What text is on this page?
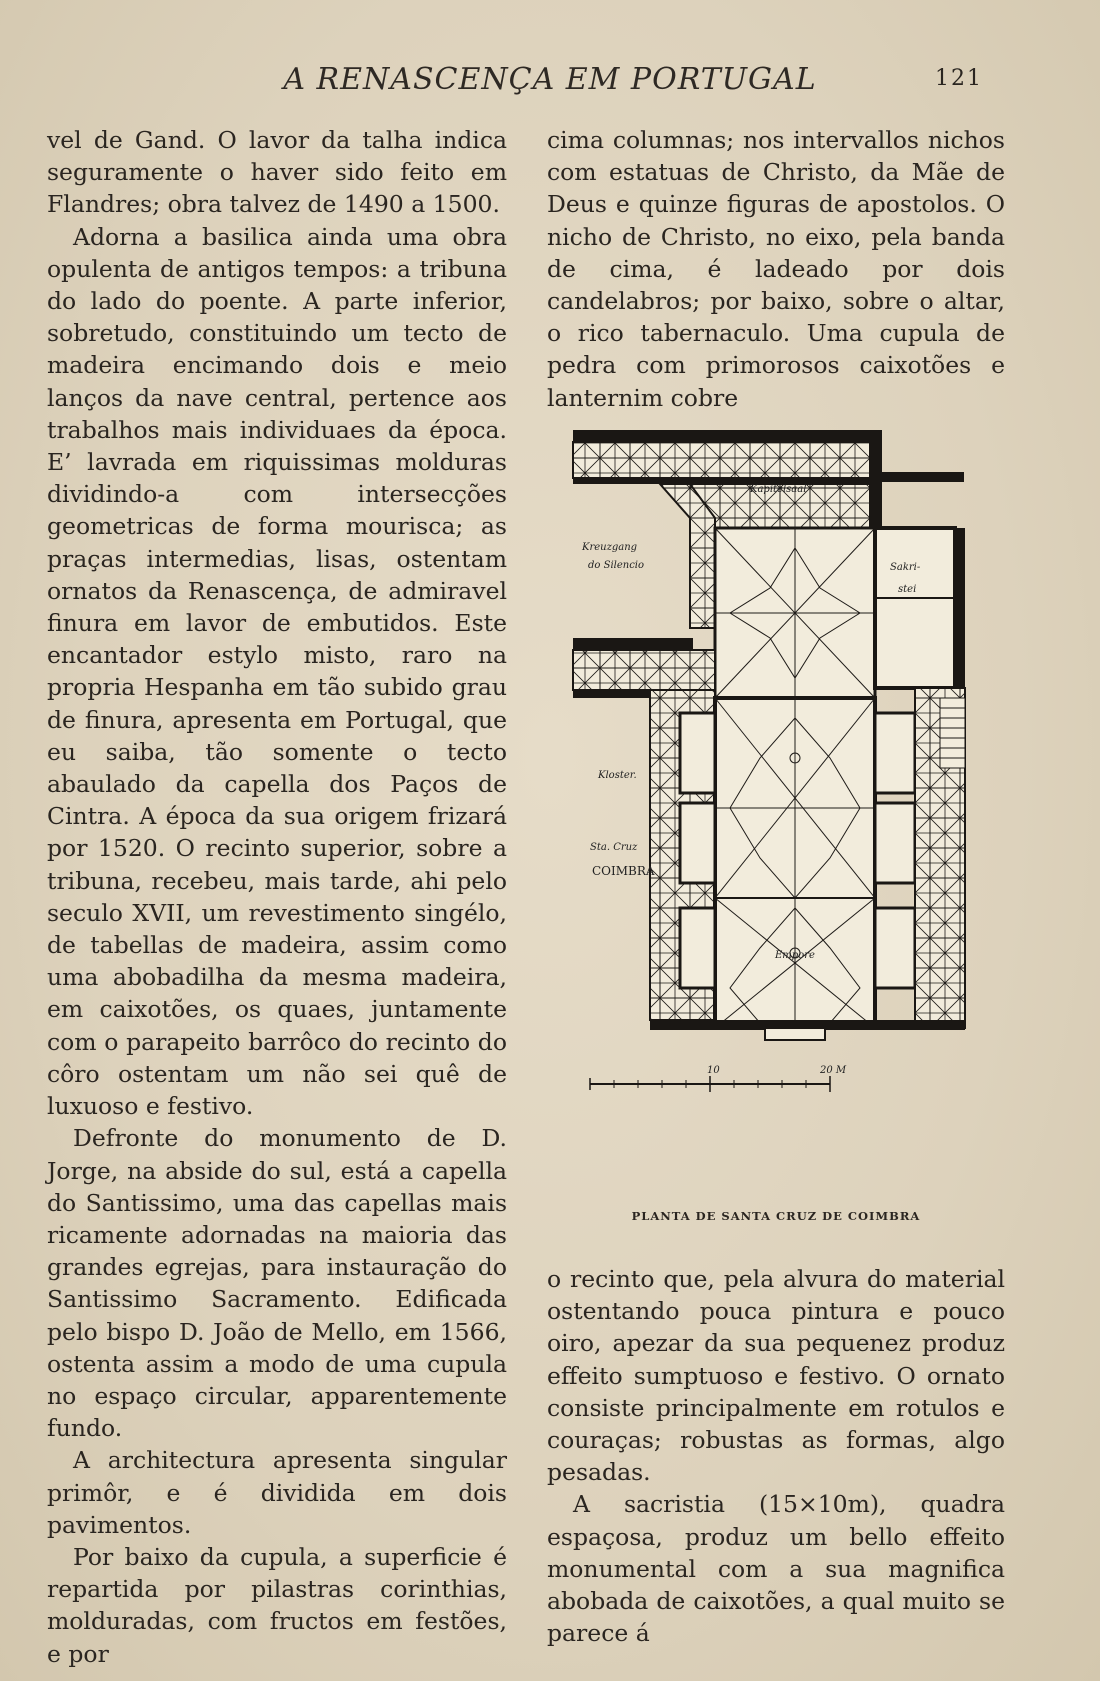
A RENASCENÇA EM PORTUGAL	121

vel de Gand. O lavor da talha indica seguramente o haver sido feito em Flandres; obra talvez de 1490 a 1500.

Adorna a basilica ainda uma obra opulenta de antigos tempos: a tribuna do lado do poente. A parte inferior, sobretudo, constituindo um tecto de madeira encimando dois e meio lanços da nave central, pertence aos trabalhos mais individuaes da época. E’ lavrada em riquissimas molduras dividindo-a com intersecções geometricas de forma mourisca; as praças intermedias, lisas, ostentam ornatos da Renascença, de admiravel finura em lavor de embutidos. Este encantador estylo misto, raro na propria Hespanha em tão subido grau de finura, apresenta em Portugal, que eu saiba, tão somente o tecto abaulado da capella dos Paços de Cintra. A época da sua origem frizará por 1520. O recinto superior, sobre a tribuna, recebeu, mais tarde, ahi pelo seculo XVII, um revestimento singélo, de tabellas de madeira, assim como uma abobadilha da mesma madeira, em caixotões, os quaes, juntamente com o parapeito barrôco do recinto do côro ostentam um não sei quê de luxuoso e festivo.

Defronte do monumento de D. Jorge, na abside do sul, está a capella do Santissimo, uma das capellas mais ricamente adornadas na maioria das grandes egrejas, para instauração do Santissimo Sacramento. Edificada pelo bispo D. João de Mello, em 1566, ostenta assim a modo de uma cupula no espaço circular, apparentemente fundo.

A architectura apresenta singular primôr, e é dividida em dois pavimentos.

Por baixo da cupula, a superficie é repartida por pilastras corinthias, molduradas, com fructos em festões, e por

cima columnas; nos intervallos nichos com estatuas de Christo, da Mãe de Deus e quinze figuras de apostolos. O nicho de Christo, no eixo, pela banda de cima, é ladeado por dois candelabros; por baixo, sobre o altar, o rico tabernaculo. Uma cupula de pedra com primorosos caixotões e lanternim cobre

Kreuzgang
do Silencio
Kapitelsaal
Sakri-
stei
Kloster.
Sta. Cruz
COIMBRA
Empore
10	20 M
PLANTA DE SANTA CRUZ DE COIMBRA

o recinto que, pela alvura do material ostentando pouca pintura e pouco oiro, apezar da sua pequenez produz effeito sumptuoso e festivo. O ornato consiste principalmente em rotulos e couraças; robustas as formas, algo pesadas.

A sacristia (15×10m), quadra espaçosa, produz um bello effeito monumental com a sua magnifica abobada de caixotões, a qual muito se parece á
